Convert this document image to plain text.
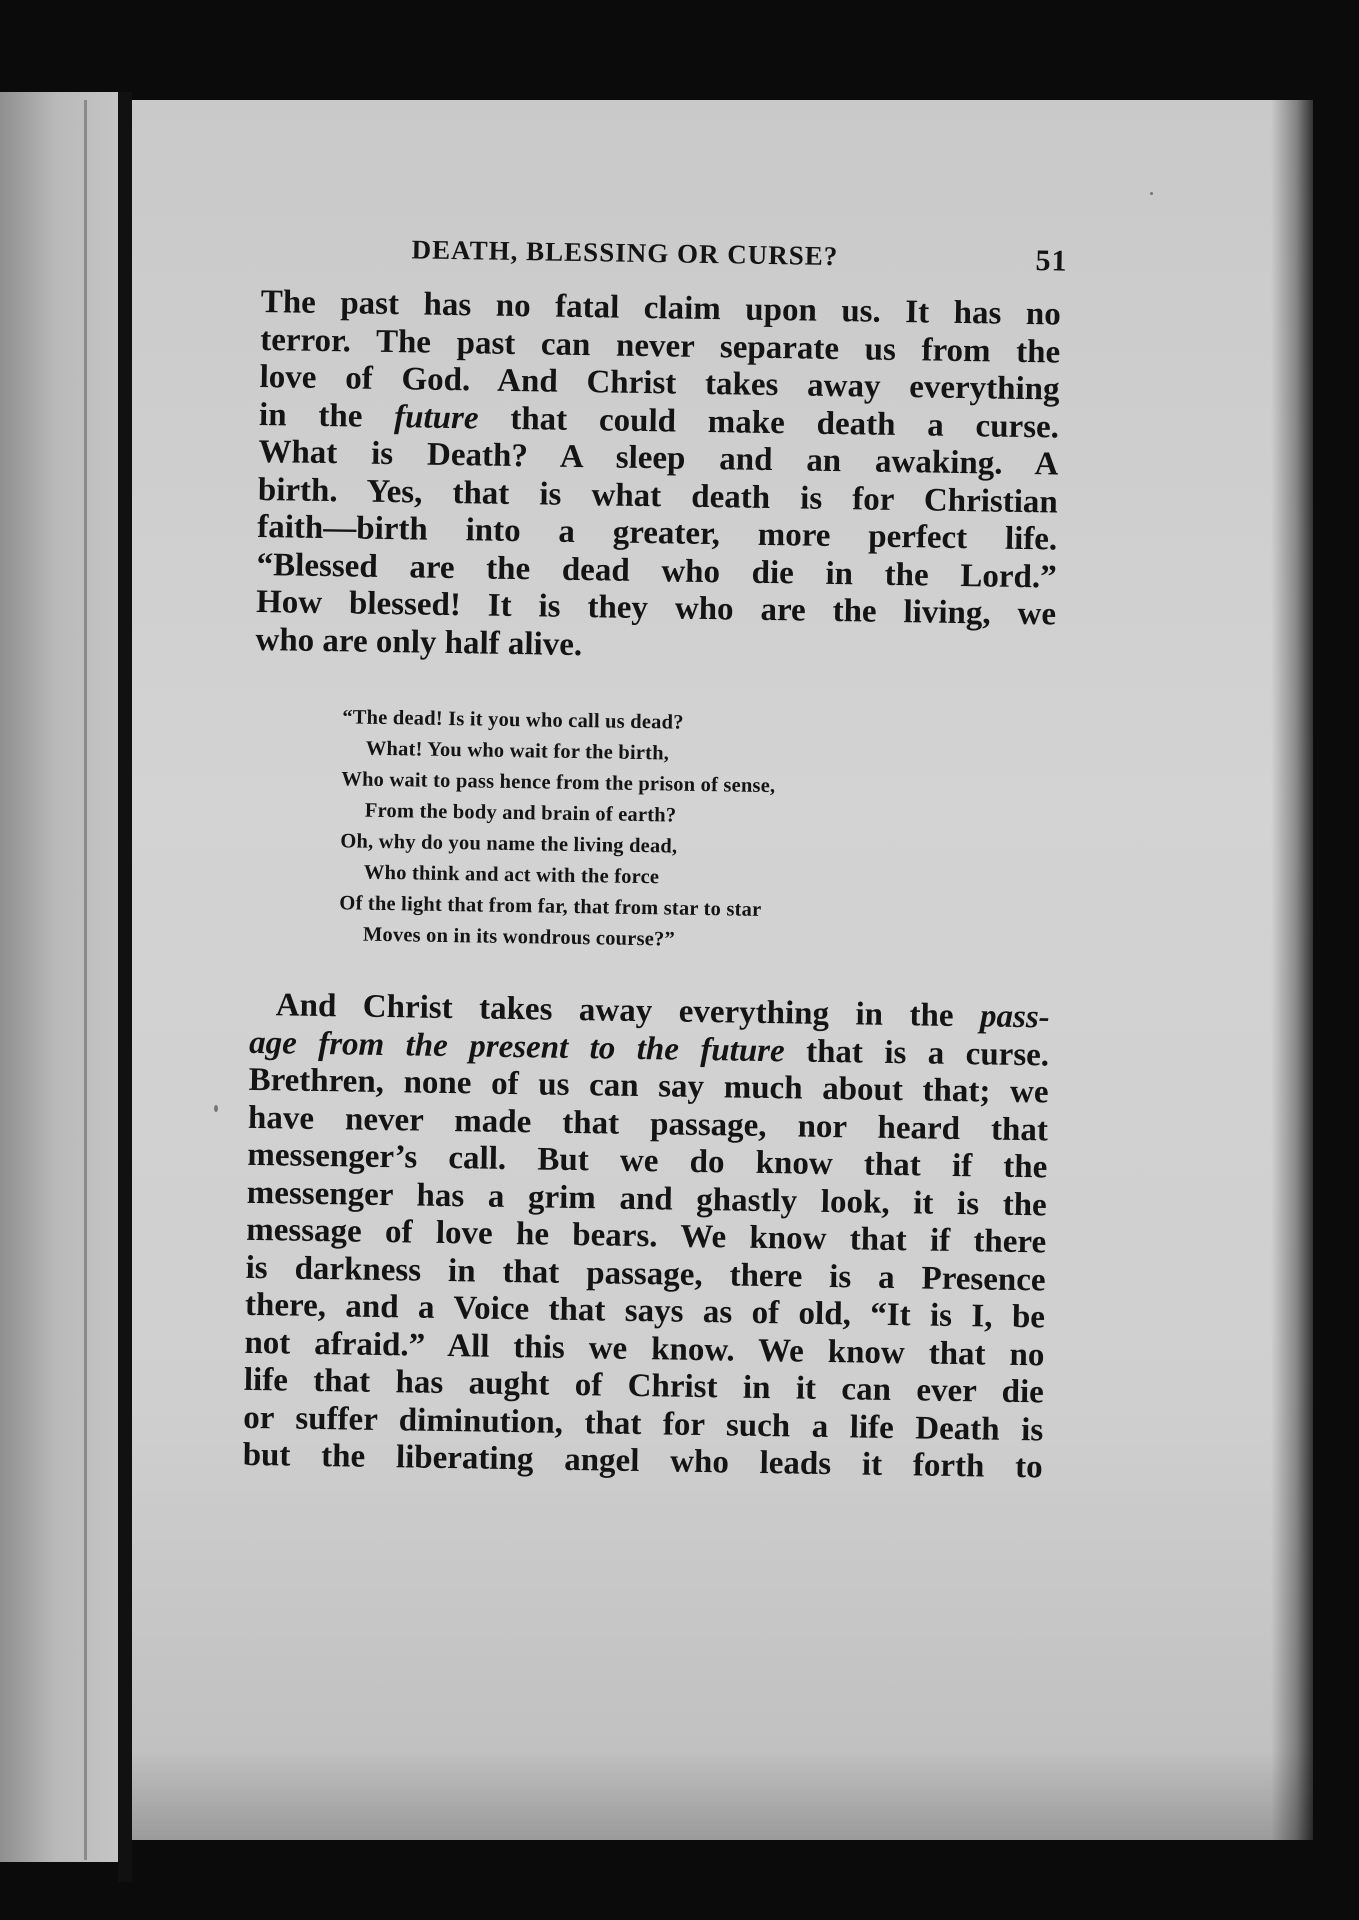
DEATH, BLESSING OR CURSE?	51

The past has no fatal claim upon us. It has no
terror. The past can never separate us from the
love of God. And Christ takes away everything
in the future that could make death a curse.
What is Death? A sleep and an awaking. A
birth. Yes, that is what death is for Christian
faith—birth into a greater, more perfect life.
“Blessed are the dead who die in the Lord.”
How blessed! It is they who are the living, we
who are only half alive.

“The dead! Is it you who call us dead?
What! You who wait for the birth,
Who wait to pass hence from the prison of sense,
From the body and brain of earth?
Oh, why do you name the living dead,
Who think and act with the force
Of the light that from far, that from star to star
Moves on in its wondrous course?”

And Christ takes away everything in the pass-
age from the present to the future that is a curse.
Brethren, none of us can say much about that; we
have never made that passage, nor heard that
messenger’s call. But we do know that if the
messenger has a grim and ghastly look, it is the
message of love he bears. We know that if there
is darkness in that passage, there is a Presence
there, and a Voice that says as of old, “It is I, be
not afraid.” All this we know. We know that no
life that has aught of Christ in it can ever die
or suffer diminution, that for such a life Death is
but the liberating angel who leads it forth to
